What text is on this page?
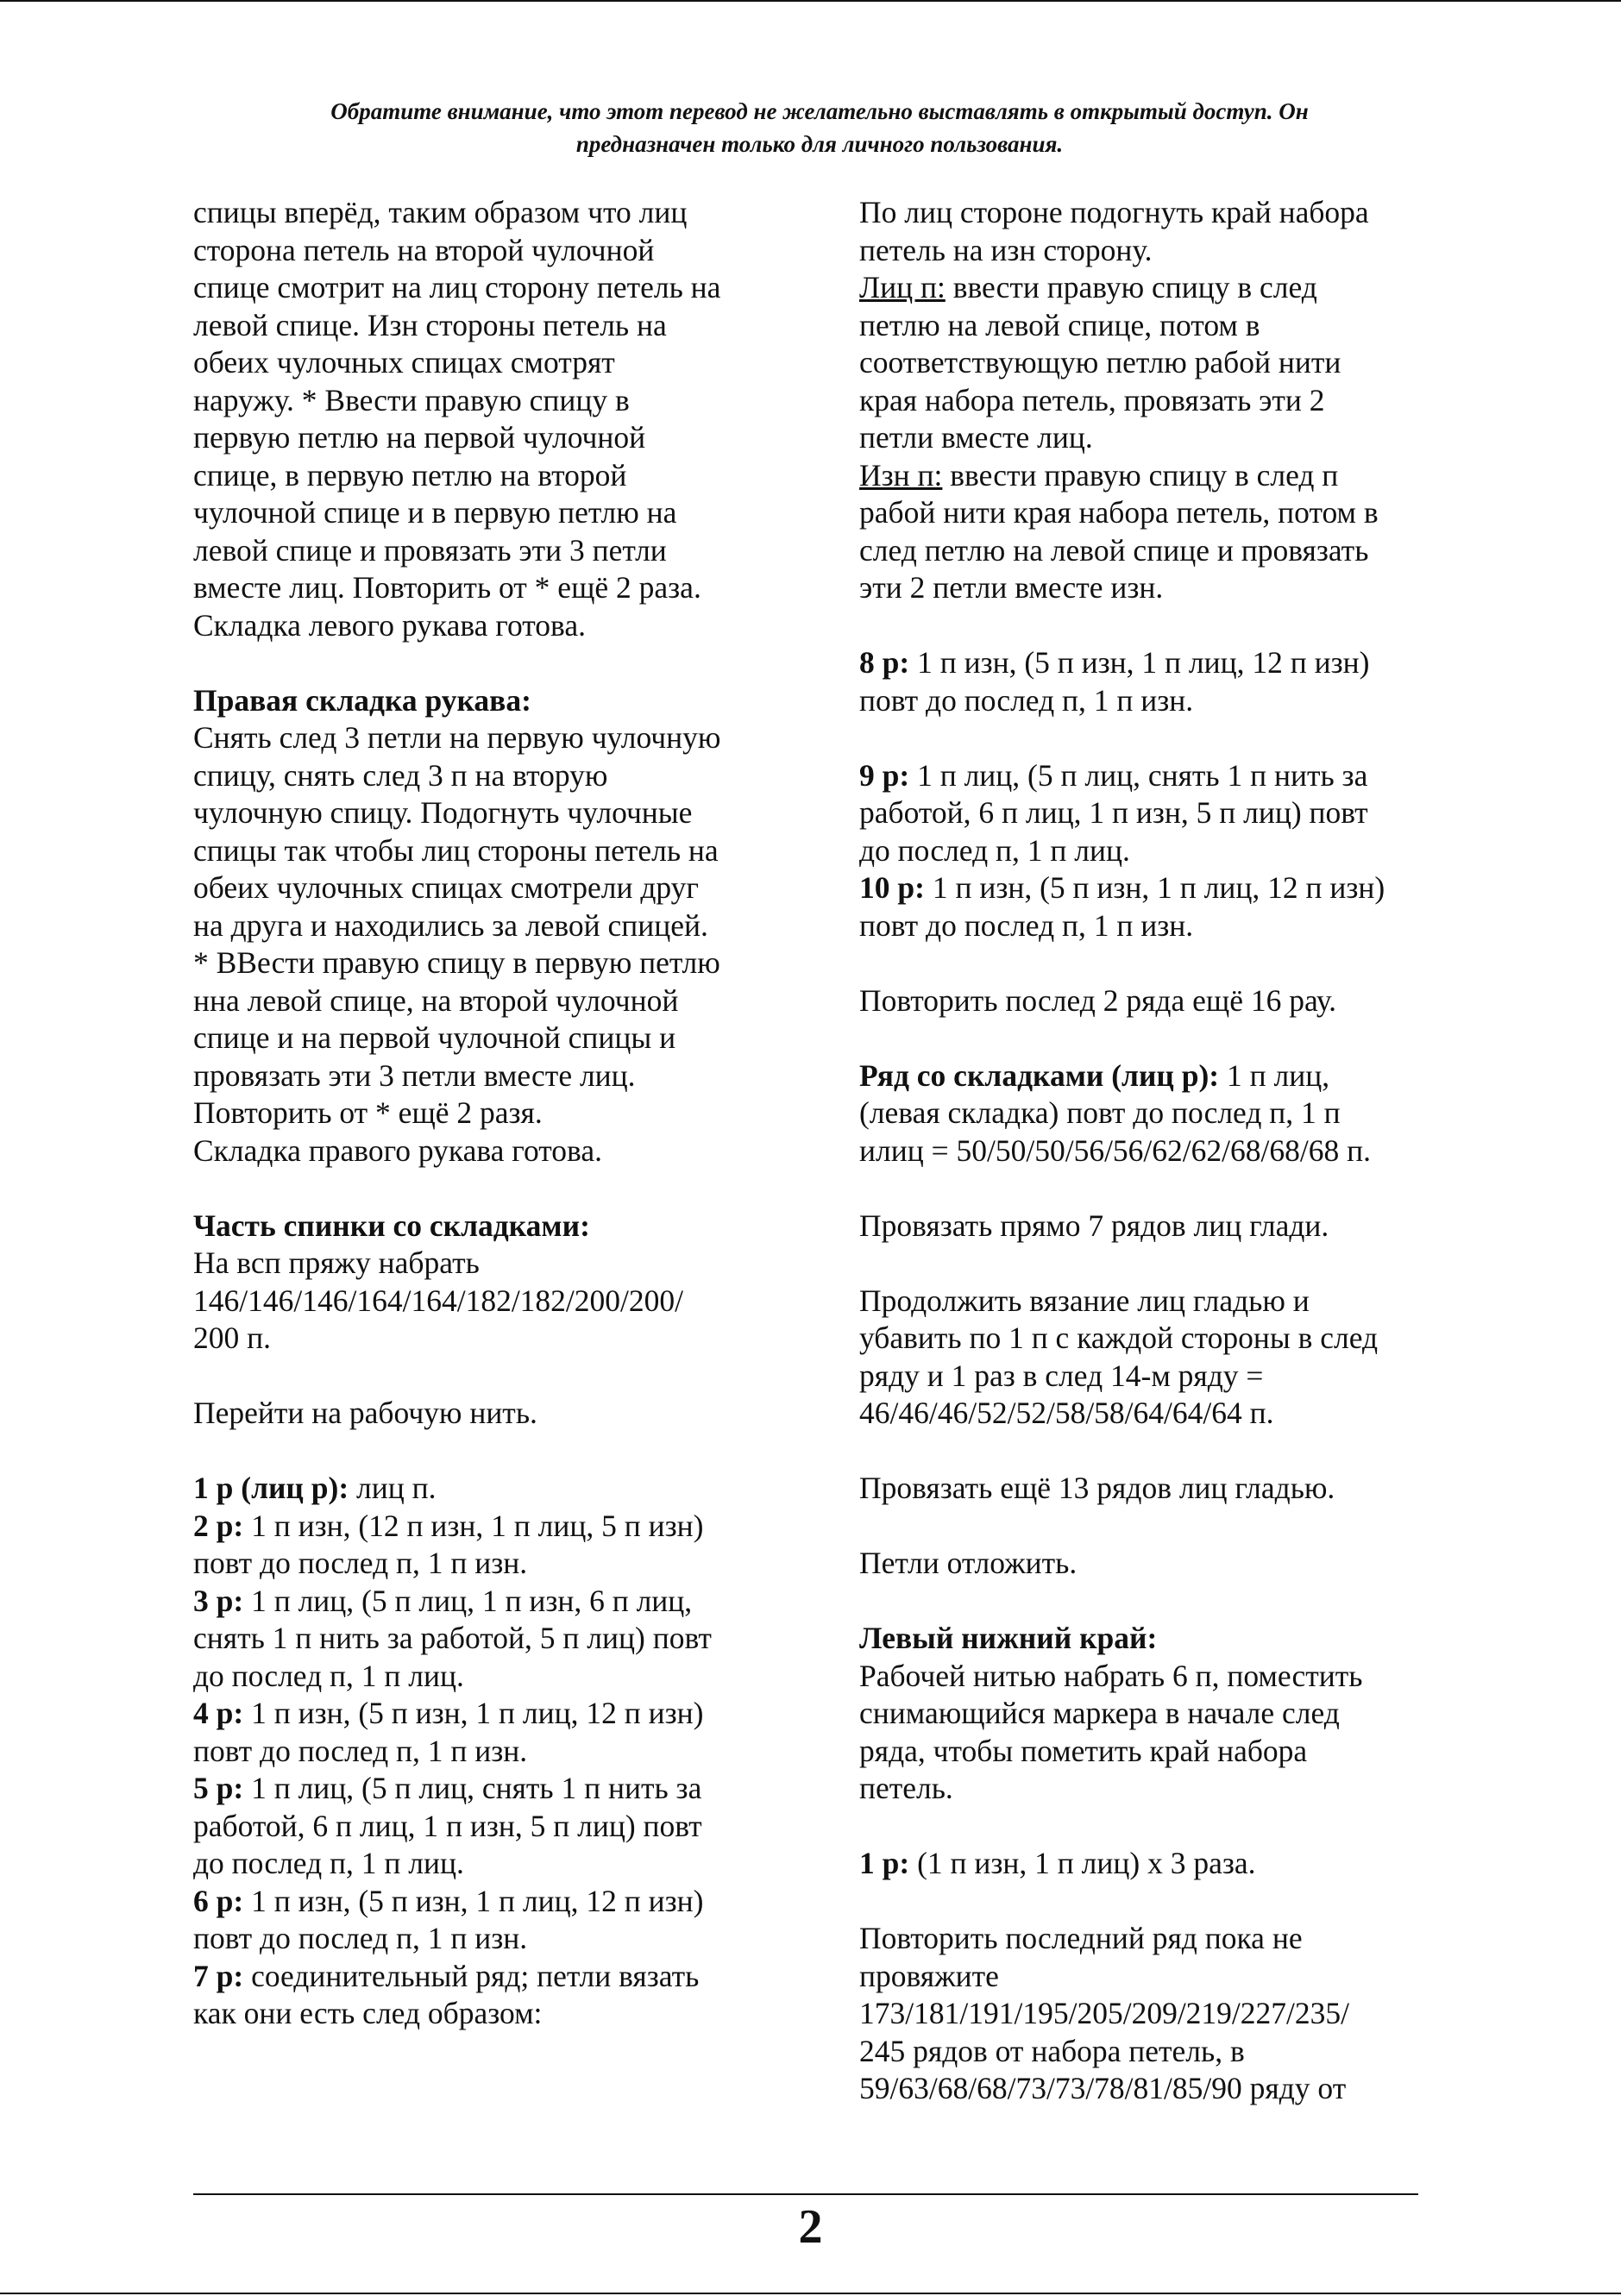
Обратите внимание, что этот перевод не желательно выставлять в открытый доступ. Он
предназначен только для личного пользования.
спицы вперёд, таким образом что лиц
сторона петель на второй чулочной
спице смотрит на лиц сторону петель на
левой спице. Изн стороны петель на
обеих чулочных спицах смотрят
наружу. * Ввести правую спицу в
первую петлю на первой чулочной
спице, в первую петлю на второй
чулочной спице и в первую петлю на
левой спице и провязать эти 3 петли
вместе лиц. Повторить от * ещё 2 раза.
Складка левого рукава готова.
Правая складка рукава:
Снять след 3 петли на первую чулочную
спицу, снять след 3 п на вторую
чулочную спицу. Подогнуть чулочные
спицы так чтобы лиц стороны петель на
обеих чулочных спицах смотрели друг
на друга и находились за левой спицей.
* ВВести правую спицу в первую петлю
нна левой спице, на второй чулочной
спице и на первой чулочной спицы и
провязать эти 3 петли вместе лиц.
Повторить от * ещё 2 разя.
Складка правого рукава готова.
Часть спинки со складками:
На всп пряжу набрать
146/146/146/164/164/182/182/200/200/
200 п.
Перейти на рабочую нить.
1 р (лиц р): лиц п.
2 р: 1 п изн, (12 п изн, 1 п лиц, 5 п изн)
повт до послед п, 1 п изн.
3 р: 1 п лиц, (5 п лиц, 1 п изн, 6 п лиц,
снять 1 п нить за работой, 5 п лиц) повт
до послед п, 1 п лиц.
4 р: 1 п изн, (5 п изн, 1 п лиц, 12 п изн)
повт до послед п, 1 п изн.
5 р: 1 п лиц, (5 п лиц, снять 1 п нить за
работой, 6 п лиц, 1 п изн, 5 п лиц) повт
до послед п, 1 п лиц.
6 р: 1 п изн, (5 п изн, 1 п лиц, 12 п изн)
повт до послед п, 1 п изн.
7 р: соединительный ряд; петли вязать
как они есть след образом:
По лиц стороне подогнуть край набора
петель на изн сторону.
Лиц п: ввести правую спицу в след
петлю на левой спице, потом в
соответствующую петлю рабой нити
края набора петель, провязать эти 2
петли вместе лиц.
Изн п: ввести правую спицу в след п
рабой нити края набора петель, потом в
след петлю на левой спице и провязать
эти 2 петли вместе изн.
8 р: 1 п изн, (5 п изн, 1 п лиц, 12 п изн)
повт до послед п, 1 п изн.
9 р: 1 п лиц, (5 п лиц, снять 1 п нить за
работой, 6 п лиц, 1 п изн, 5 п лиц) повт
до послед п, 1 п лиц.
10 р: 1 п изн, (5 п изн, 1 п лиц, 12 п изн)
повт до послед п, 1 п изн.
Повторить послед 2 ряда ещё 16 рау.
Ряд со складками (лиц р): 1 п лиц,
(левая складка) повт до послед п, 1 п
илиц = 50/50/50/56/56/62/62/68/68/68 п.
Провязать прямо 7 рядов лиц глади.
Продолжить вязание лиц гладью и
убавить по 1 п с каждой стороны в след
ряду и 1 раз в след 14-м ряду =
46/46/46/52/52/58/58/64/64/64 п.
Провязать ещё 13 рядов лиц гладью.
Петли отложить.
Левый нижний край:
Рабочей нитью набрать 6 п, поместить
снимающийся маркера в начале след
ряда, чтобы пометить край набора
петель.
1 р: (1 п изн, 1 п лиц) х 3 раза.
Повторить последний ряд пока не
провяжите
173/181/191/195/205/209/219/227/235/
245 рядов от набора петель, в
59/63/68/68/73/73/78/81/85/90 ряду от
2
